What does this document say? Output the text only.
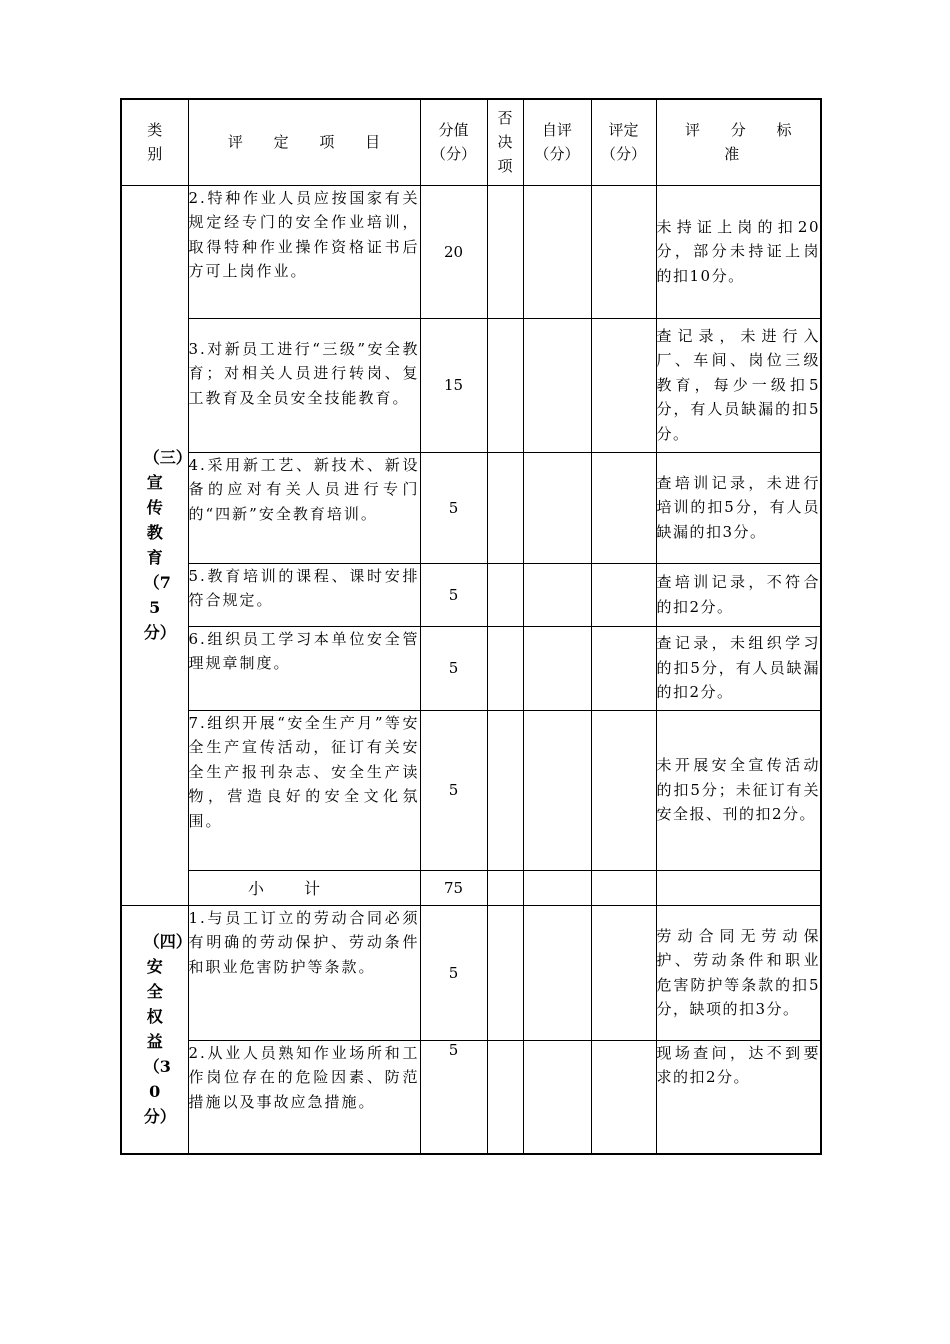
类别	评 定 项 目	分值（分）	否决项	自评（分）	评定（分）	评 分 标 准
（三）宣传教育（75分）	2.特种作业人员应按国家有关规定经专门的安全作业培训，取得特种作业操作资格证书后方可上岗作业。	20				未持证上岗的扣20分，部分未持证上岗的扣10分。
	3.对新员工进行“三级”安全教育；对相关人员进行转岗、复工教育及全员安全技能教育。	15				查记录，未进行入厂、车间、岗位三级教育，每少一级扣5分，有人员缺漏的扣5分。
	4.采用新工艺、新技术、新设备的应对有关人员进行专门的“四新”安全教育培训。	5				查培训记录，未进行培训的扣5分，有人员缺漏的扣3分。
	5.教育培训的课程、课时安排符合规定。	5				查培训记录，不符合的扣2分。
	6.组织员工学习本单位安全管理规章制度。	5				查记录，未组织学习的扣5分，有人员缺漏的扣2分。
	7.组织开展“安全生产月”等安全生产宣传活动，征订有关安全生产报刊杂志、安全生产读物，营造良好的安全文化氛围。	5				未开展安全宣传活动的扣5分；未征订有关安全报、刊的扣2分。
	小计	75				
（四）安全权益（30分）	1.与员工订立的劳动合同必须有明确的劳动保护、劳动条件和职业危害防护等条款。	5				劳动合同无劳动保护、劳动条件和职业危害防护等条款的扣5分，缺项的扣3分。
	2.从业人员熟知作业场所和工作岗位存在的危险因素、防范措施以及事故应急措施。	5				现场查问，达不到要求的扣2分。
